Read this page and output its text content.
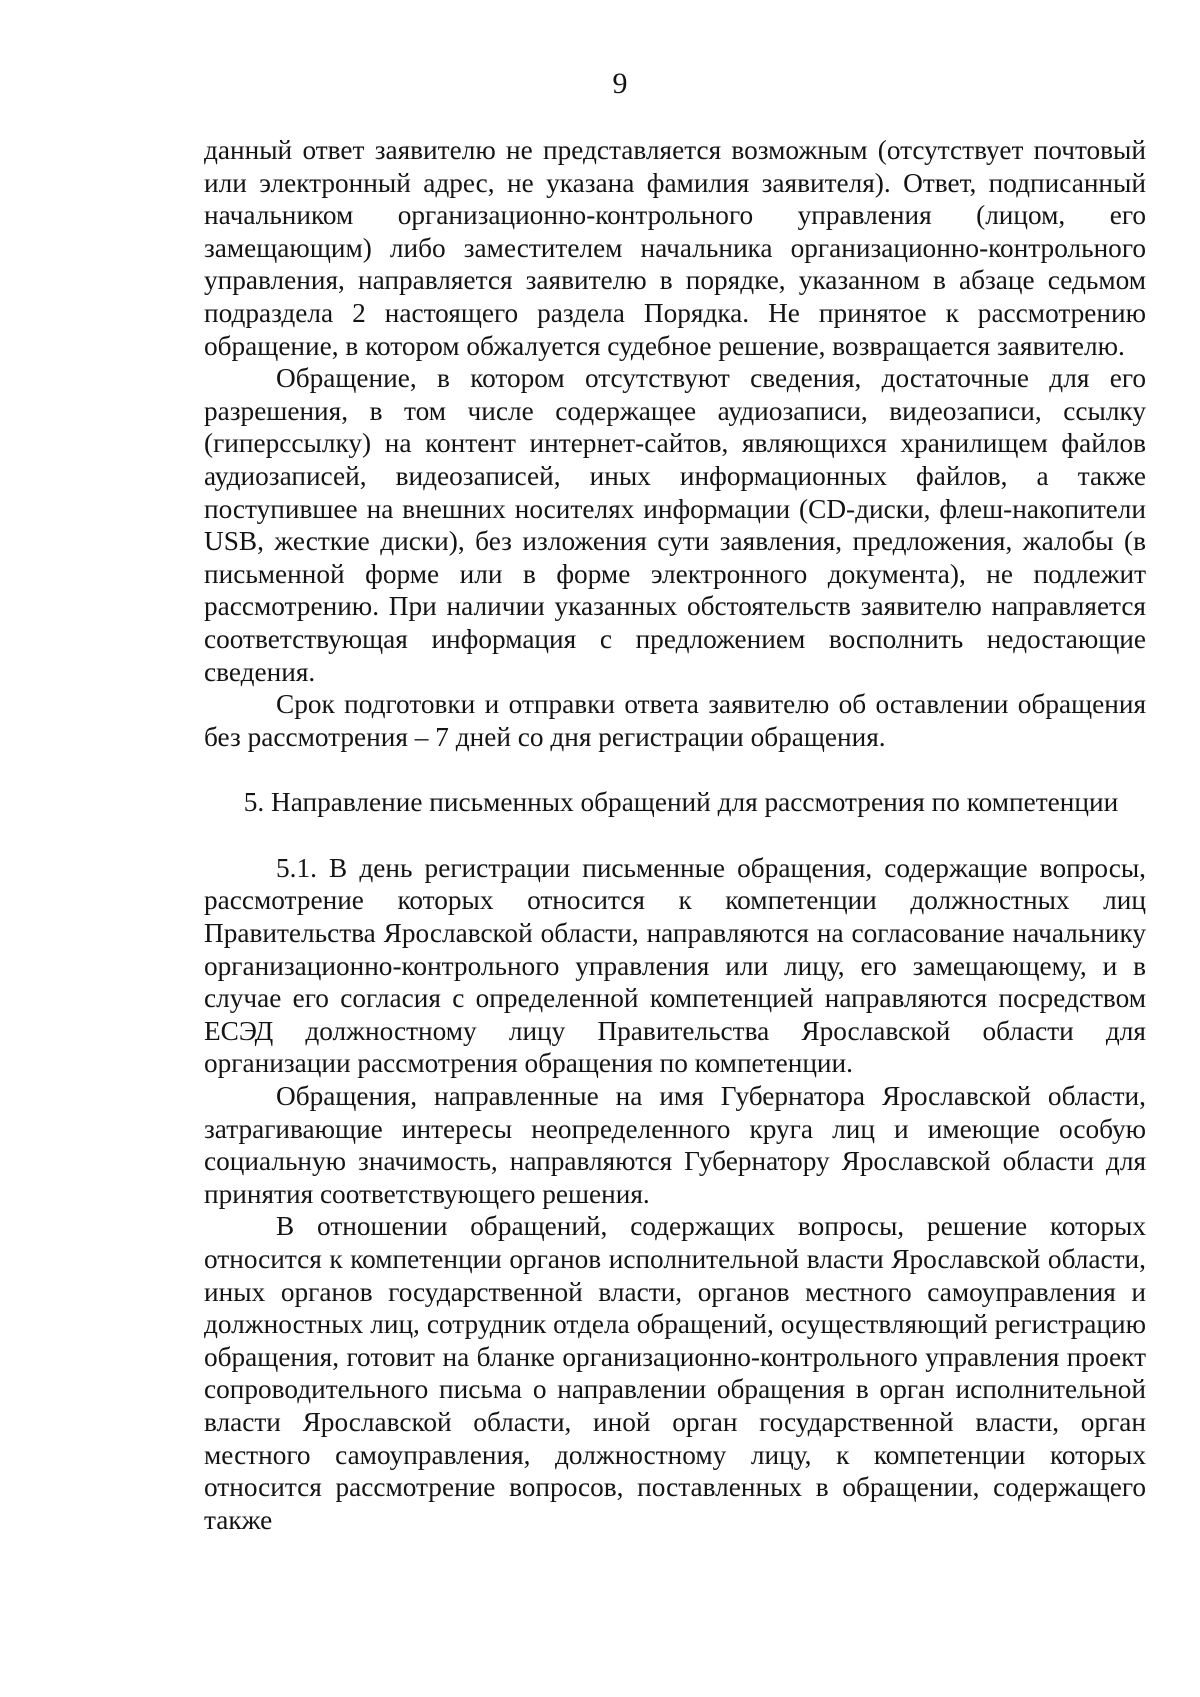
9

данный ответ заявителю не представляется возможным (отсутствует почтовый или электронный адрес, не указана фамилия заявителя). Ответ, подписанный начальником организационно-контрольного управления (лицом, его замещающим) либо заместителем начальника организационно-контрольного управления, направляется заявителю в порядке, указанном в абзаце седьмом подраздела 2 настоящего раздела Порядка. Не принятое к рассмотрению обращение, в котором обжалуется судебное решение, возвращается заявителю.

Обращение, в котором отсутствуют сведения, достаточные для его разрешения, в том числе содержащее аудиозаписи, видеозаписи, ссылку (гиперссылку) на контент интернет-сайтов, являющихся хранилищем файлов аудиозаписей, видеозаписей, иных информационных файлов, а также поступившее на внешних носителях информации (CD-диски, флеш-накопители USB, жесткие диски), без изложения сути заявления, предложения, жалобы (в письменной форме или в форме электронного документа), не подлежит рассмотрению. При наличии указанных обстоятельств заявителю направляется соответствующая информация с предложением восполнить недостающие сведения.

Срок подготовки и отправки ответа заявителю об оставлении обращения без рассмотрения – 7 дней со дня регистрации обращения.

5. Направление письменных обращений для рассмотрения по компетенции

5.1. В день регистрации письменные обращения, содержащие вопросы, рассмотрение которых относится к компетенции должностных лиц Правительства Ярославской области, направляются на согласование начальнику организационно-контрольного управления или лицу, его замещающему, и в случае его согласия с определенной компетенцией направляются посредством ЕСЭД должностному лицу Правительства Ярославской области для организации рассмотрения обращения по компетенции.

Обращения, направленные на имя Губернатора Ярославской области, затрагивающие интересы неопределенного круга лиц и имеющие особую социальную значимость, направляются Губернатору Ярославской области для принятия соответствующего решения.

В отношении обращений, содержащих вопросы, решение которых относится к компетенции органов исполнительной власти Ярославской области, иных органов государственной власти, органов местного самоуправления и должностных лиц, сотрудник отдела обращений, осуществляющий регистрацию обращения, готовит на бланке организационно-контрольного управления проект сопроводительного письма о направлении обращения в орган исполнительной власти Ярославской области, иной орган государственной власти, орган местного самоуправления, должностному лицу, к компетенции которых относится рассмотрение вопросов, поставленных в обращении, содержащего также
